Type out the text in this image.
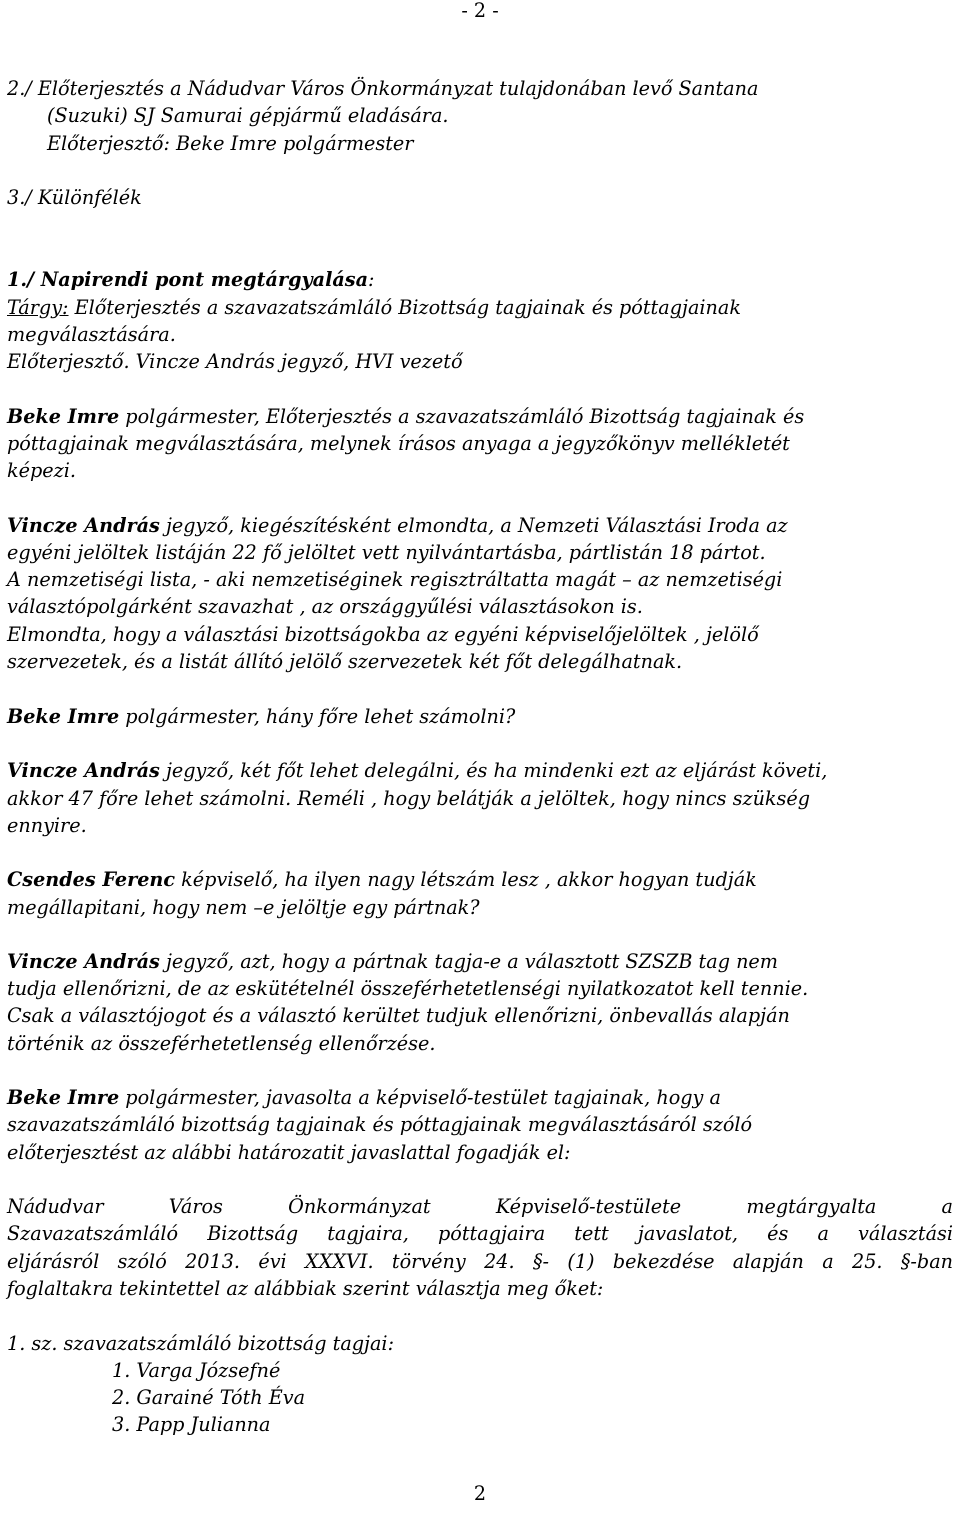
- 2 -
2./ Előterjesztés a Nádudvar Város Önkormányzat tulajdonában levő Santana
(Suzuki) SJ Samurai gépjármű eladására.
Előterjesztő: Beke Imre polgármester
3./ Különfélék
1./ Napirendi pont megtárgyalása:
Tárgy: Előterjesztés a szavazatszámláló Bizottság tagjainak és póttagjainak
megválasztására.
Előterjesztő. Vincze András jegyző, HVI vezető
Beke Imre polgármester, Előterjesztés a szavazatszámláló Bizottság tagjainak és
póttagjainak megválasztására, melynek írásos anyaga a jegyzőkönyv mellékletét
képezi.
Vincze András jegyző, kiegészítésként elmondta, a Nemzeti Választási Iroda az
egyéni jelöltek listáján 22 fő jelöltet vett nyilvántartásba, pártlistán 18 pártot.
A nemzetiségi lista, - aki nemzetiséginek regisztráltatta magát – az nemzetiségi
választópolgárként szavazhat , az országgyűlési választásokon is.
Elmondta, hogy a választási bizottságokba az egyéni képviselőjelöltek , jelölő
szervezetek, és a listát állító jelölő szervezetek két főt delegálhatnak.
Beke Imre polgármester, hány főre lehet számolni?
Vincze András jegyző, két főt lehet delegálni, és ha mindenki ezt az eljárást követi,
akkor 47 főre lehet számolni. Reméli , hogy belátják a jelöltek, hogy nincs szükség
ennyire.
Csendes Ferenc képviselő, ha ilyen nagy létszám lesz , akkor hogyan tudják
megállapitani, hogy nem –e jelöltje egy pártnak?
Vincze András jegyző, azt, hogy a pártnak tagja-e a választott SZSZB tag nem
tudja ellenőrizni, de az eskütételnél összeférhetetlenségi nyilatkozatot kell tennie.
Csak a választójogot és a választó kerültet tudjuk ellenőrizni, önbevallás alapján
történik az összeférhetetlenség ellenőrzése.
Beke Imre polgármester, javasolta a képviselő-testület tagjainak, hogy a
szavazatszámláló bizottság tagjainak és póttagjainak megválasztásáról szóló
előterjesztést az alábbi határozatit javaslattal fogadják el:
Nádudvar Város Önkormányzat Képviselő-testülete megtárgyalta a
Szavazatszámláló Bizottság tagjaira, póttagjaira tett javaslatot, és a választási
eljárásról szóló 2013. évi XXXVI. törvény 24. §- (1) bekezdése alapján a 25. §-ban
foglaltakra tekintettel az alábbiak szerint választja meg őket:
1. sz. szavazatszámláló bizottság tagjai:
1. Varga Józsefné
2. Garainé Tóth Éva
3. Papp Julianna
2
